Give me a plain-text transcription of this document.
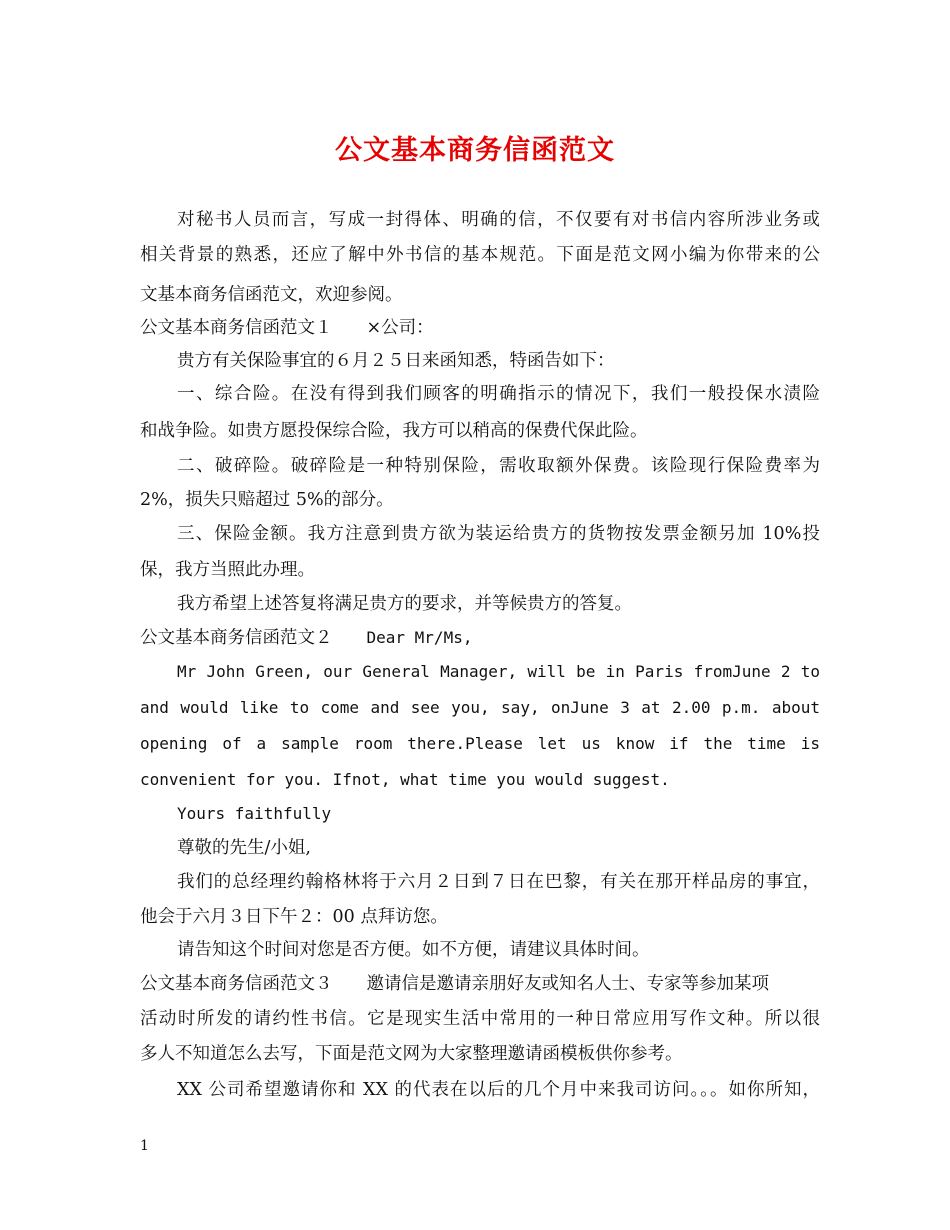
公文基本商务信函范文
对秘书人员而言，写成一封得体、明确的信，不仅要有对书信内容所涉业务或
相关背景的熟悉，还应了解中外书信的基本规范。下面是范文网小编为你带来的公
文基本商务信函范文，欢迎参阅。
公文基本商务信函范文１ ×公司：
贵方有关保险事宜的６月２５日来函知悉，特函告如下：
一、综合险。在没有得到我们顾客的明确指示的情况下，我们一般投保水渍险
和战争险。如贵方愿投保综合险，我方可以稍高的保费代保此险。
二、破碎险。破碎险是一种特别保险，需收取额外保费。该险现行保险费率为
2%，损失只赔超过 5%的部分。
三、保险金额。我方注意到贵方欲为装运给贵方的货物按发票金额另加 10%投
保，我方当照此办理。
我方希望上述答复将满足贵方的要求，并等候贵方的答复。
公文基本商务信函范文２ Dear Mr/Ms,
Mr John Green, our General Manager, will be in Paris fromJune 2 to
and would like to come and see you, say, onJune 3 at 2.00 p.m. about
opening of a sample room there.Please let us know if the time is
convenient for you. Ifnot, what time you would suggest.
Yours faithfully
尊敬的先生/小姐,
我们的总经理约翰格林将于六月２日到７日在巴黎，有关在那开样品房的事宜，
他会于六月３日下午２：00 点拜访您。
请告知这个时间对您是否方便。如不方便，请建议具体时间。
公文基本商务信函范文３ 邀请信是邀请亲朋好友或知名人士、专家等参加某项
活动时所发的请约性书信。它是现实生活中常用的一种日常应用写作文种。所以很
多人不知道怎么去写，下面是范文网为大家整理邀请函模板供你参考。
XX 公司希望邀请你和 XX 的代表在以后的几个月中来我司访问。。。如你所知，
1
